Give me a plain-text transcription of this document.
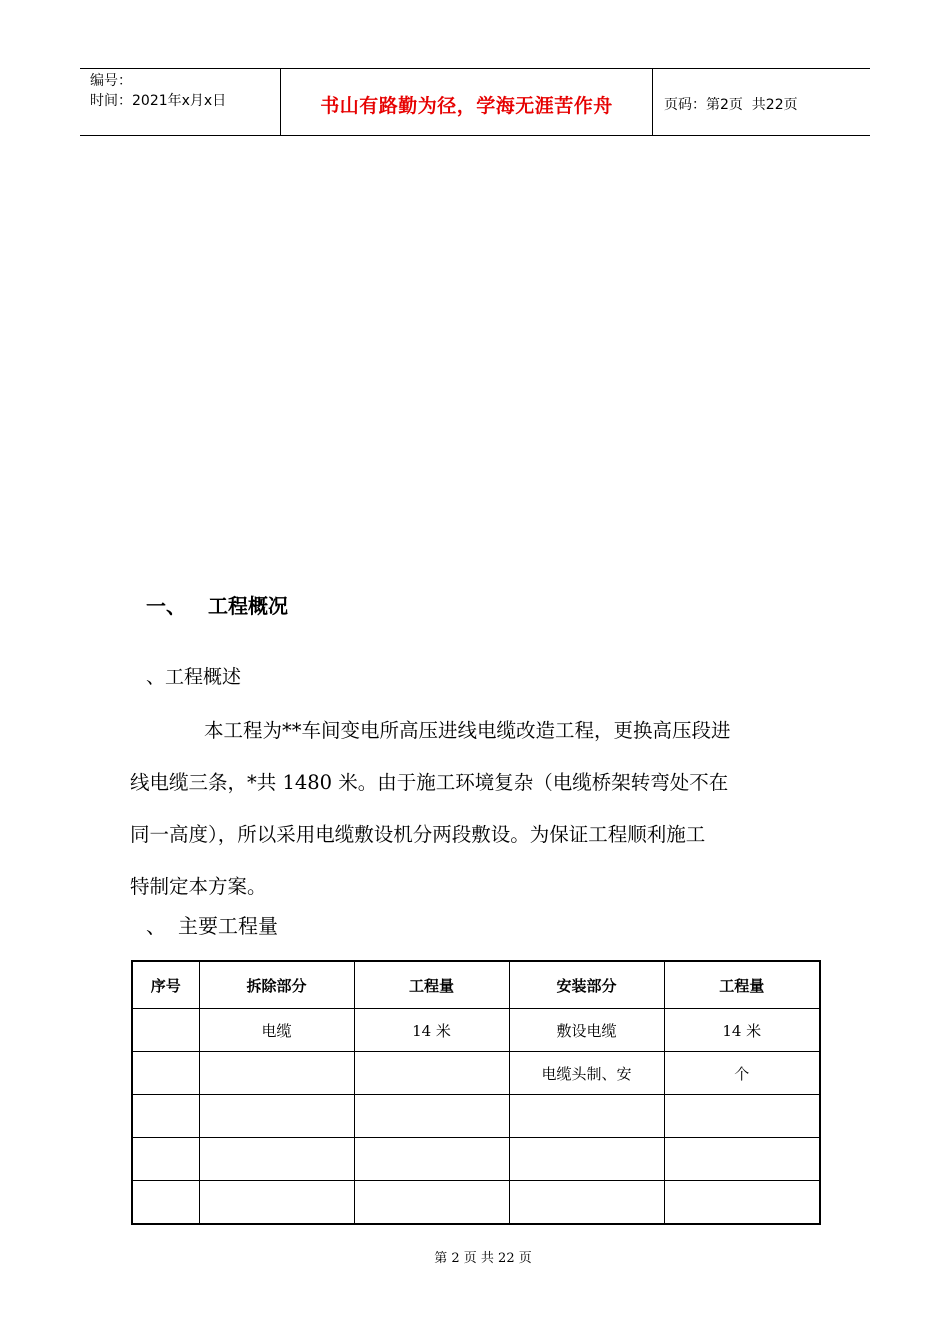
编号：
时间：2021年x月x日	书山有路勤为径，学海无涯苦作舟	页码：第2页  共22页
一、 工程概况
、工程概述
本工程为**车间变电所高压进线电缆改造工程，更换高压段进
线电缆三条，*共 1480 米。由于施工环境复杂（电缆桥架转弯处不在
同一高度），所以采用电缆敷设机分两段敷设。为保证工程顺利施工
特制定本方案。
、 主要工程量
序号	拆除部分	工程量	安装部分	工程量
	电缆	14 米	敷设电缆	14 米
			电缆头制、安	个

第 2 页 共 22 页
